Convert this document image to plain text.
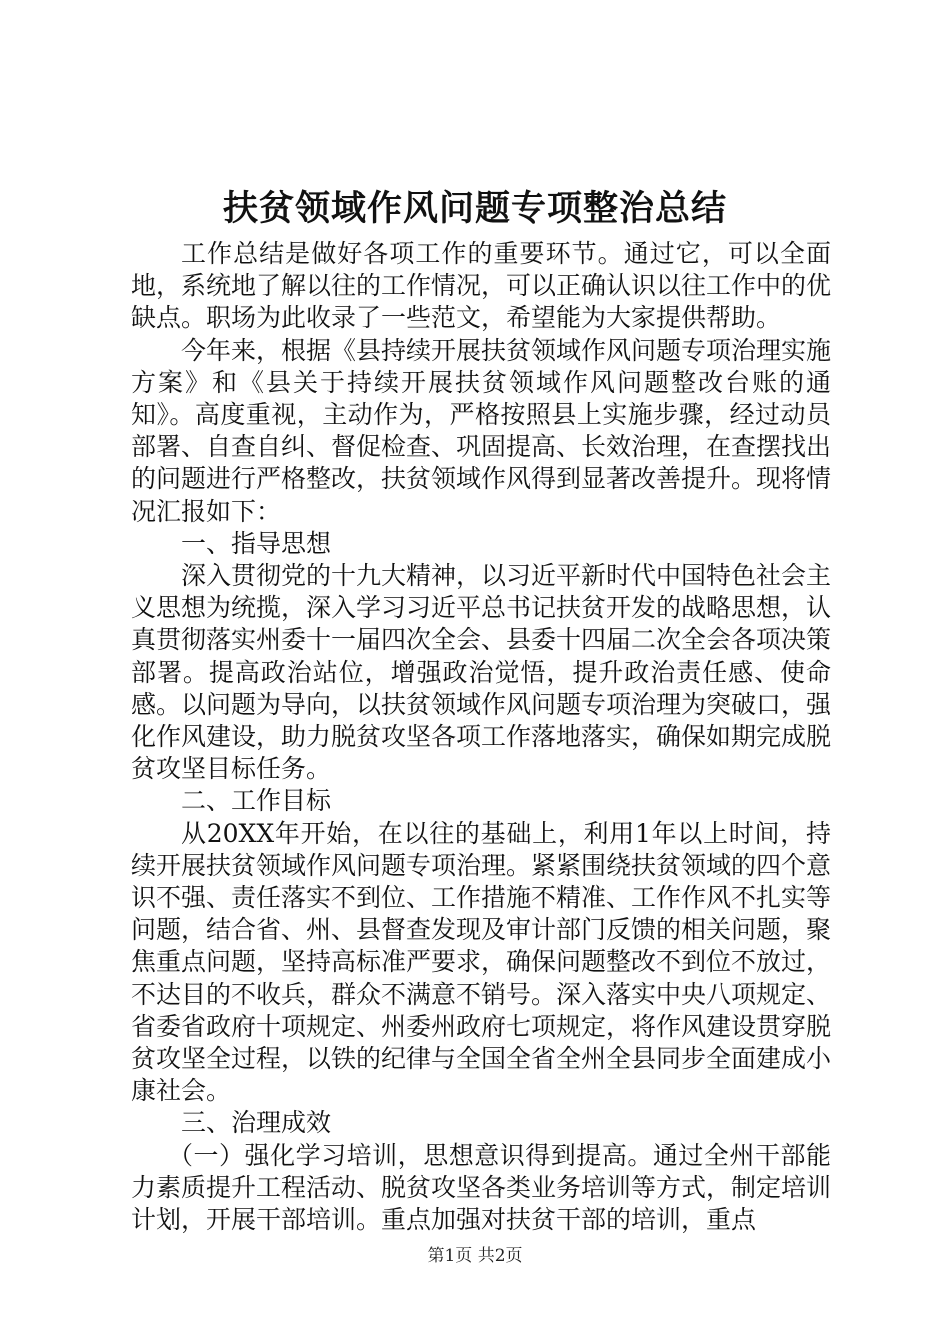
扶贫领域作风问题专项整治总结

工作总结是做好各项工作的重要环节。通过它，可以全面地，系统地了解以往的工作情况，可以正确认识以往工作中的优缺点。职场为此收录了一些范文，希望能为大家提供帮助。

今年来，根据《县持续开展扶贫领域作风问题专项治理实施方案》和《县关于持续开展扶贫领域作风问题整改台账的通知》。高度重视，主动作为，严格按照县上实施步骤，经过动员部署、自查自纠、督促检查、巩固提高、长效治理，在查摆找出的问题进行严格整改，扶贫领域作风得到显著改善提升。现将情况汇报如下：

一、指导思想

深入贯彻党的十九大精神，以习近平新时代中国特色社会主义思想为统揽，深入学习习近平总书记扶贫开发的战略思想，认真贯彻落实州委十一届四次全会、县委十四届二次全会各项决策部署。提高政治站位，增强政治觉悟，提升政治责任感、使命感。以问题为导向，以扶贫领域作风问题专项治理为突破口，强化作风建设，助力脱贫攻坚各项工作落地落实，确保如期完成脱贫攻坚目标任务。

二、工作目标

从20XX年开始，在以往的基础上，利用1年以上时间，持续开展扶贫领域作风问题专项治理。紧紧围绕扶贫领域的四个意识不强、责任落实不到位、工作措施不精准、工作作风不扎实等问题，结合省、州、县督查发现及审计部门反馈的相关问题，聚焦重点问题，坚持高标准严要求，确保问题整改不到位不放过，不达目的不收兵，群众不满意不销号。深入落实中央八项规定、省委省政府十项规定、州委州政府七项规定，将作风建设贯穿脱贫攻坚全过程，以铁的纪律与全国全省全州全县同步全面建成小康社会。

三、治理成效

（一）强化学习培训，思想意识得到提高。通过全州干部能力素质提升工程活动、脱贫攻坚各类业务培训等方式，制定培训计划，开展干部培训。重点加强对扶贫干部的培训，重点

第1页 共2页
